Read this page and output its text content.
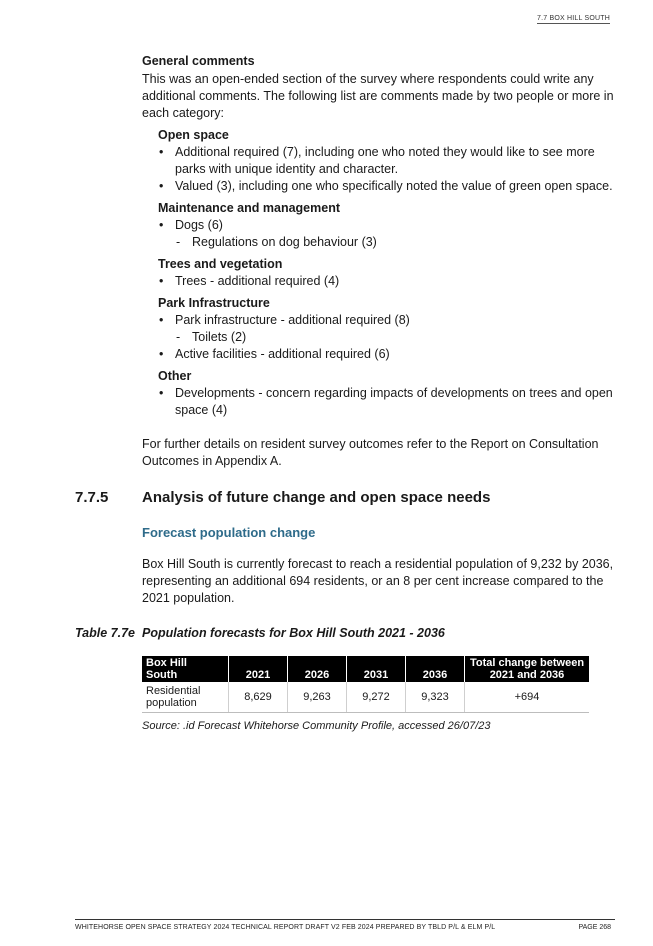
7.7 BOX HILL SOUTH
General comments

This was an open-ended section of the survey where respondents could write any additional comments. The following list are comments made by two people or more in each category:

Open space
• Additional required (7), including one who noted they would like to see more parks with unique identity and character.
• Valued (3), including one who specifically noted the value of green open space.
Maintenance and management
• Dogs (6)
- Regulations on dog behaviour (3)
Trees and vegetation
• Trees - additional required (4)
Park Infrastructure
• Park infrastructure - additional required (8)
- Toilets (2)
• Active facilities - additional required (6)
Other
• Developments - concern regarding impacts of developments on trees and open space (4)

For further details on resident survey outcomes refer to the Report on Consultation Outcomes in Appendix A.

7.7.5 Analysis of future change and open space needs
Forecast population change
Box Hill South is currently forecast to reach a residential population of 9,232 by 2036, representing an additional 694 residents, or an 8 per cent increase compared to the 2021 population.
Table 7.7e Population forecasts for Box Hill South 2021 - 2036
Box Hill
South	2021	2026	2031	2036	Total change between
2021 and 2036
Residential
population	8,629	9,263	9,272	9,323	+694
Source: .id Forecast Whitehorse Community Profile, accessed 26/07/23
WHITEHORSE OPEN SPACE STRATEGY 2024 TECHNICAL REPORT DRAFT V2 FEB 2024 PREPARED BY TBLD P/L & ELM P/L	PAGE 268
